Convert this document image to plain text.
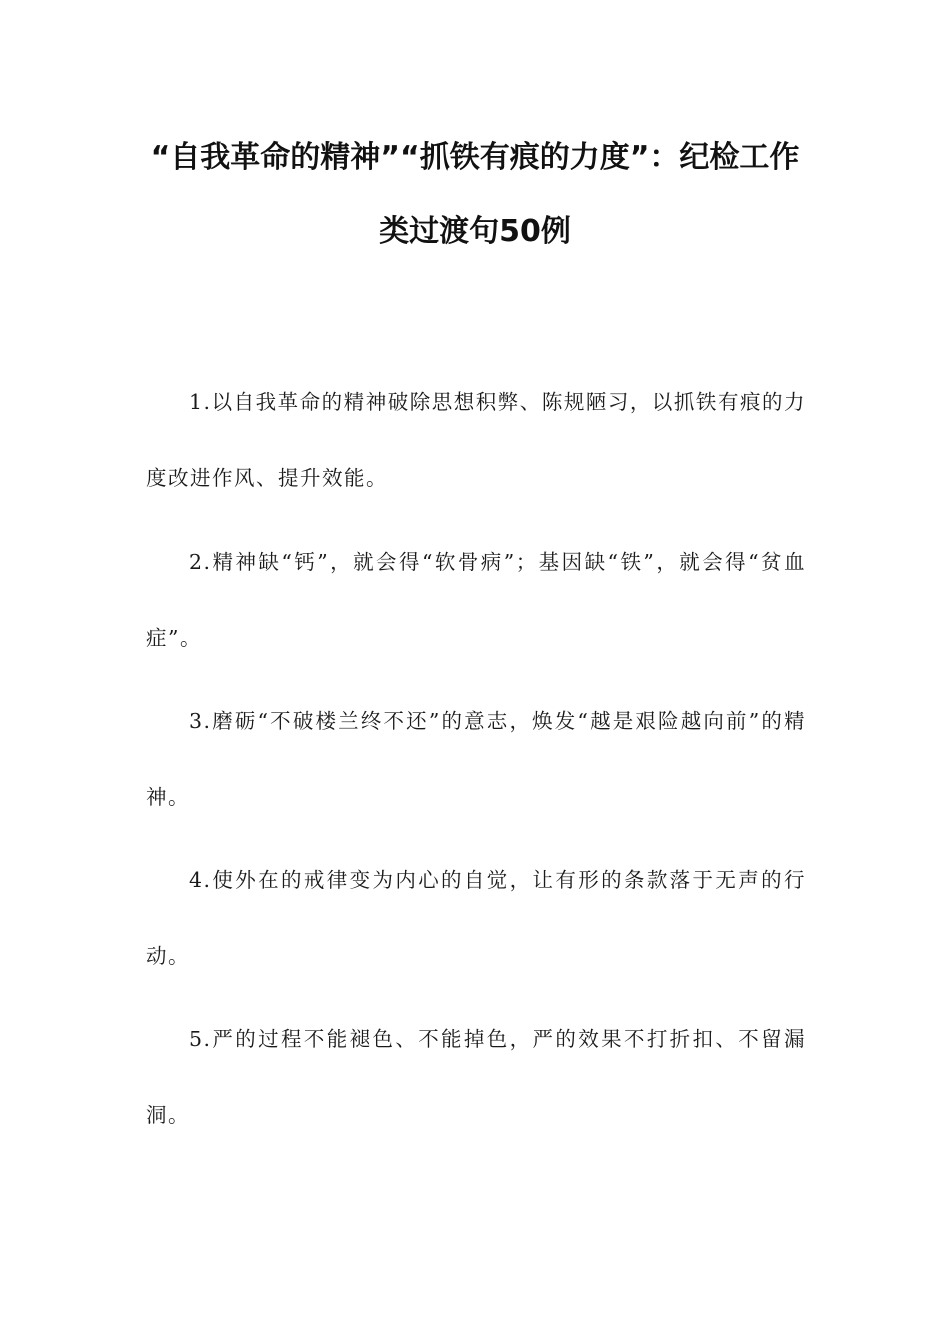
“自我革命的精神”“抓铁有痕的力度”：纪检工作
类过渡句50例
1.以自我革命的精神破除思想积弊、陈规陋习，以抓铁有痕的力度改进作风、提升效能。
2.精神缺“钙”，就会得“软骨病”；基因缺“铁”，就会得“贫血症”。
3.磨砺“不破楼兰终不还”的意志，焕发“越是艰险越向前”的精神。
4.使外在的戒律变为内心的自觉，让有形的条款落于无声的行动。
5.严的过程不能褪色、不能掉色，严的效果不打折扣、不留漏洞。
